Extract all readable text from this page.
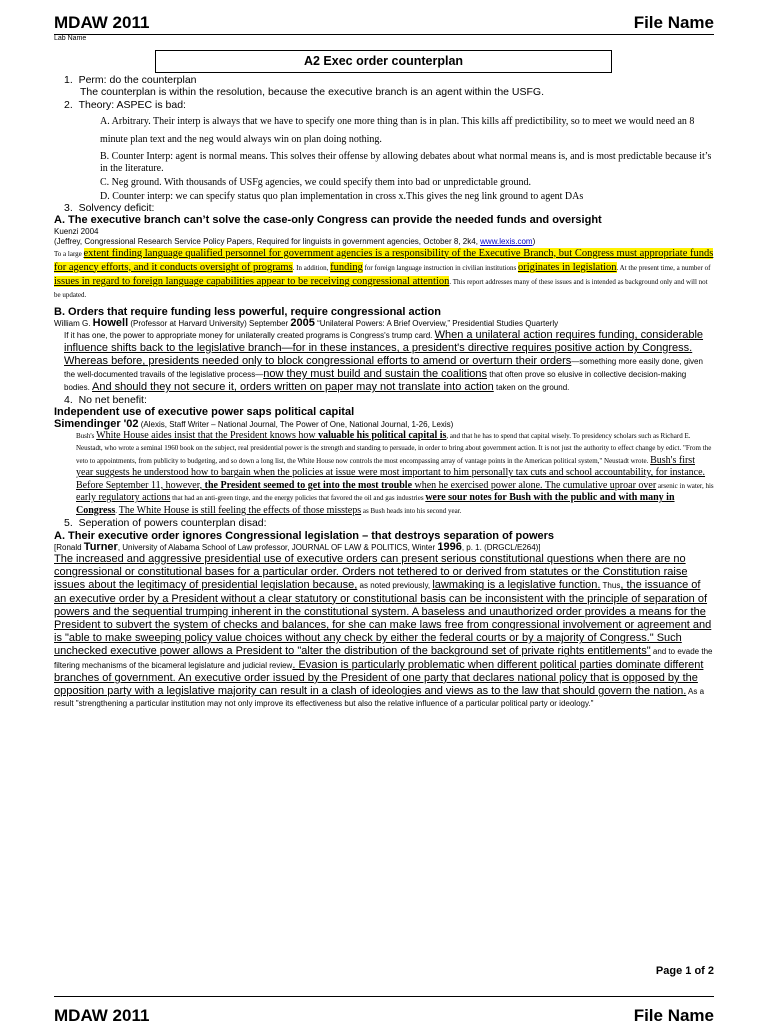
MDAW 2011	File Name
Lab Name
A2 Exec order counterplan

1.  Perm: do the counterplan

The counterplan is within the resolution, because the executive branch is an agent within the USFG.

2.  Theory: ASPEC is bad:

A. Arbitrary. Their interp is always that we have to specify one more thing than is in plan. This kills aff predictibility, so to meet we would need an 8 minute plan text and the neg would always win on plan doing nothing.

B. Counter Interp: agent is normal means. This solves their offense by allowing debates about what normal means is, and is most predictable because it’s in the literature.

C. Neg ground. With thousands of USFg agencies, we could specify them into bad or unpredictable ground.

D. Counter interp: we can specify status quo plan implementation in cross x.This gives the neg link ground to agent DAs

3.  Solvency deficit:

A. The executive branch can’t solve the case-only Congress can provide the needed funds and oversight

Kuenzi 2004

(Jeffrey, Congressional Research Service Policy Papers, Required for linguists in government agencies, October 8, 2k4, www.lexis.com)

To a large extent finding language qualified personnel for government agencies is a responsibility of the Executive Branch, but Congress must appropriate funds for agency efforts, and it conducts oversight of programs. In addition, funding for foreign language instruction in civilian institutions originates in legislation. At the present time, a number of issues in regard to foreign language capabilities appear to be receiving congressional attention. This report addresses many of these issues and is intended as background only and will not be updated.

B. Orders that require funding less powerful, require congressional action

William G. Howell (Professor at Harvard University) September 2005 “Unilateral Powers: A Brief Overview,” Presidential Studies Quarterly

If it has one, the power to appropriate money for unilaterally created programs is Congress's trump card. When a unilateral action requires funding, considerable influence shifts back to the legislative branch—for in these instances, a president's directive requires positive action by Congress. Whereas before, presidents needed only to block congressional efforts to amend or overturn their orders—something more easily done, given the well-documented travails of the legislative process—now they must build and sustain the coalitions that often prove so elusive in collective decision-making bodies. And should they not secure it, orders written on paper may not translate into action taken on the ground.

4.  No net benefit:

Independent use of executive power saps political capital

Simendinger '02 (Alexis, Staff Writer – National Journal, The Power of One, National Journal, 1-26, Lexis)

Bush's White House aides insist that the President knows how valuable his political capital is, and that he has to spend that capital wisely. To presidency scholars such as Richard E. Neustadt, who wrote a seminal 1960 book on the subject, real presidential power is the strength and standing to persuade, in order to bring about government action. It is not just the authority to effect change by edict. "From the veto to appointments, from publicity to budgeting, and so down a long list, the White House now controls the most encompassing array of vantage points in the American political system," Neustadt wrote. Bush's first year suggests he understood how to bargain when the policies at issue were most important to him personally tax cuts and school accountability, for instance. Before September 11, however, the President seemed to get into the most trouble when he exercised power alone. The cumulative uproar over arsenic in water, his early regulatory actions that had an anti-green tinge, and the energy policies that favored the oil and gas industries were sour notes for Bush with the public and with many in Congress. The White House is still feeling the effects of those missteps as Bush heads into his second year.

5.  Seperation of powers counterplan disad:

A. Their executive order ignores Congressional legislation – that destroys separation of powers

[Ronald Turner, University of Alabama School of Law professor, JOURNAL OF LAW & POLITICS, Winter 1996, p. 1. (DRGCL/E264)]

The increased and aggressive presidential use of executive orders can present serious constitutional questions when there are no congressional or constitutional bases for a particular order. Orders not tethered to or derived from statutes or the Constitution raise issues about the legitimacy of presidential legislation because, as noted previously, lawmaking is a legislative function. Thus, the issuance of an executive order by a President without a clear statutory or constitutional basis can be inconsistent with the principle of separation of powers and the sequential trumping inherent in the constitutional system. A baseless and unauthorized order provides a means for the President to subvert the system of checks and balances, for she can make laws free from congressional involvement or agreement and is "able to make sweeping policy value choices without any check by either the federal courts or by a majority of Congress." Such unchecked executive power allows a President to "alter the distribution of the background set of private rights entitlements" and to evade the filtering mechanisms of the bicameral legislature and judicial review. Evasion is particularly problematic when different political parties dominate different branches of government. An executive order issued by the President of one party that declares national policy that is opposed by the opposition party with a legislative majority can result in a clash of ideologies and views as to the law that should govern the nation. As a result "strengthening a particular institution may not only improve its effectiveness but also the relative influence of a particular political party or ideology."

Page 1 of 2
MDAW 2011	File Name
